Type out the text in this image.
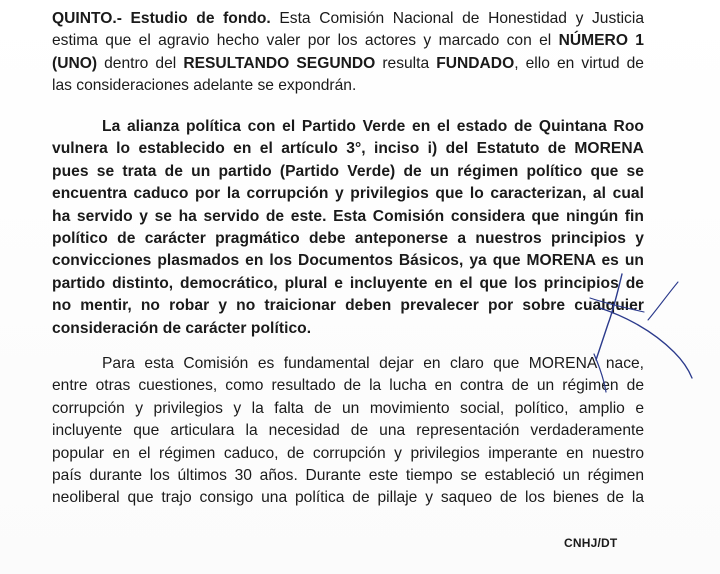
QUINTO.- Estudio de fondo. Esta Comisión Nacional de Honestidad y Justicia
estima que el agravio hecho valer por los actores y marcado con el NÚMERO 1
(UNO) dentro del RESULTANDO SEGUNDO resulta FUNDADO, ello en virtud de
las consideraciones adelante se expondrán.
La alianza política con el Partido Verde en el estado de Quintana Roo
vulnera lo establecido en el artículo 3°, inciso i) del Estatuto de MORENA
pues se trata de un partido (Partido Verde) de un régimen político que se
encuentra caduco por la corrupción y privilegios que lo caracterizan, al cual
ha servido y se ha servido de este. Esta Comisión considera que ningún fin
político de carácter pragmático debe anteponerse a nuestros principios y
convicciones plasmados en los Documentos Básicos, ya que MORENA es un
partido distinto, democrático, plural e incluyente en el que los principios de
no mentir, no robar y no traicionar deben prevalecer por sobre cualquier
consideración de carácter político.
Para esta Comisión es fundamental dejar en claro que MORENA nace,
entre otras cuestiones, como resultado de la lucha en contra de un régimen de
corrupción y privilegios y la falta de un movimiento social, político, amplio e
incluyente que articulara la necesidad de una representación verdaderamente
popular en el régimen caduco, de corrupción y privilegios imperante en nuestro
país durante los últimos 30 años. Durante este tiempo se estableció un régimen
neoliberal que trajo consigo una política de pillaje y saqueo de los bienes de la
CNHJ/DT
